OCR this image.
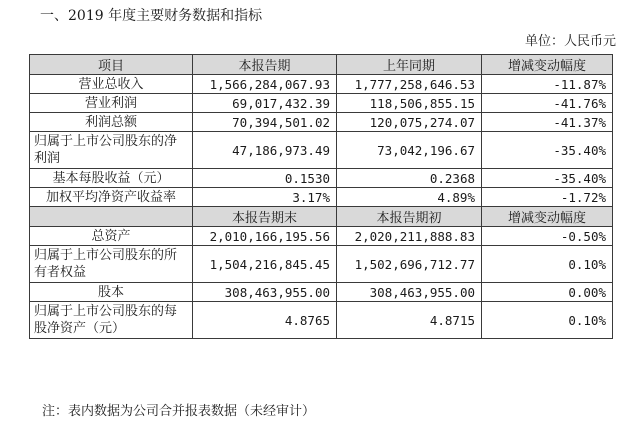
一、2019 年度主要财务数据和指标
单位：人民币元
项目	本报告期	上年同期	增减变动幅度
营业总收入	1,566,284,067.93	1,777,258,646.53	-11.87%
营业利润	69,017,432.39	118,506,855.15	-41.76%
利润总额	70,394,501.02	120,075,274.07	-41.37%
归属于上市公司股东的净利润	47,186,973.49	73,042,196.67	-35.40%
基本每股收益（元）	0.1530	0.2368	-35.40%
加权平均净资产收益率	3.17%	4.89%	-1.72%
	本报告期末	本报告期初	增减变动幅度
总资产	2,010,166,195.56	2,020,211,888.83	-0.50%
归属于上市公司股东的所有者权益	1,504,216,845.45	1,502,696,712.77	0.10%
股本	308,463,955.00	308,463,955.00	0.00%
归属于上市公司股东的每股净资产（元）	4.8765	4.8715	0.10%
注：表内数据为公司合并报表数据（未经审计）
